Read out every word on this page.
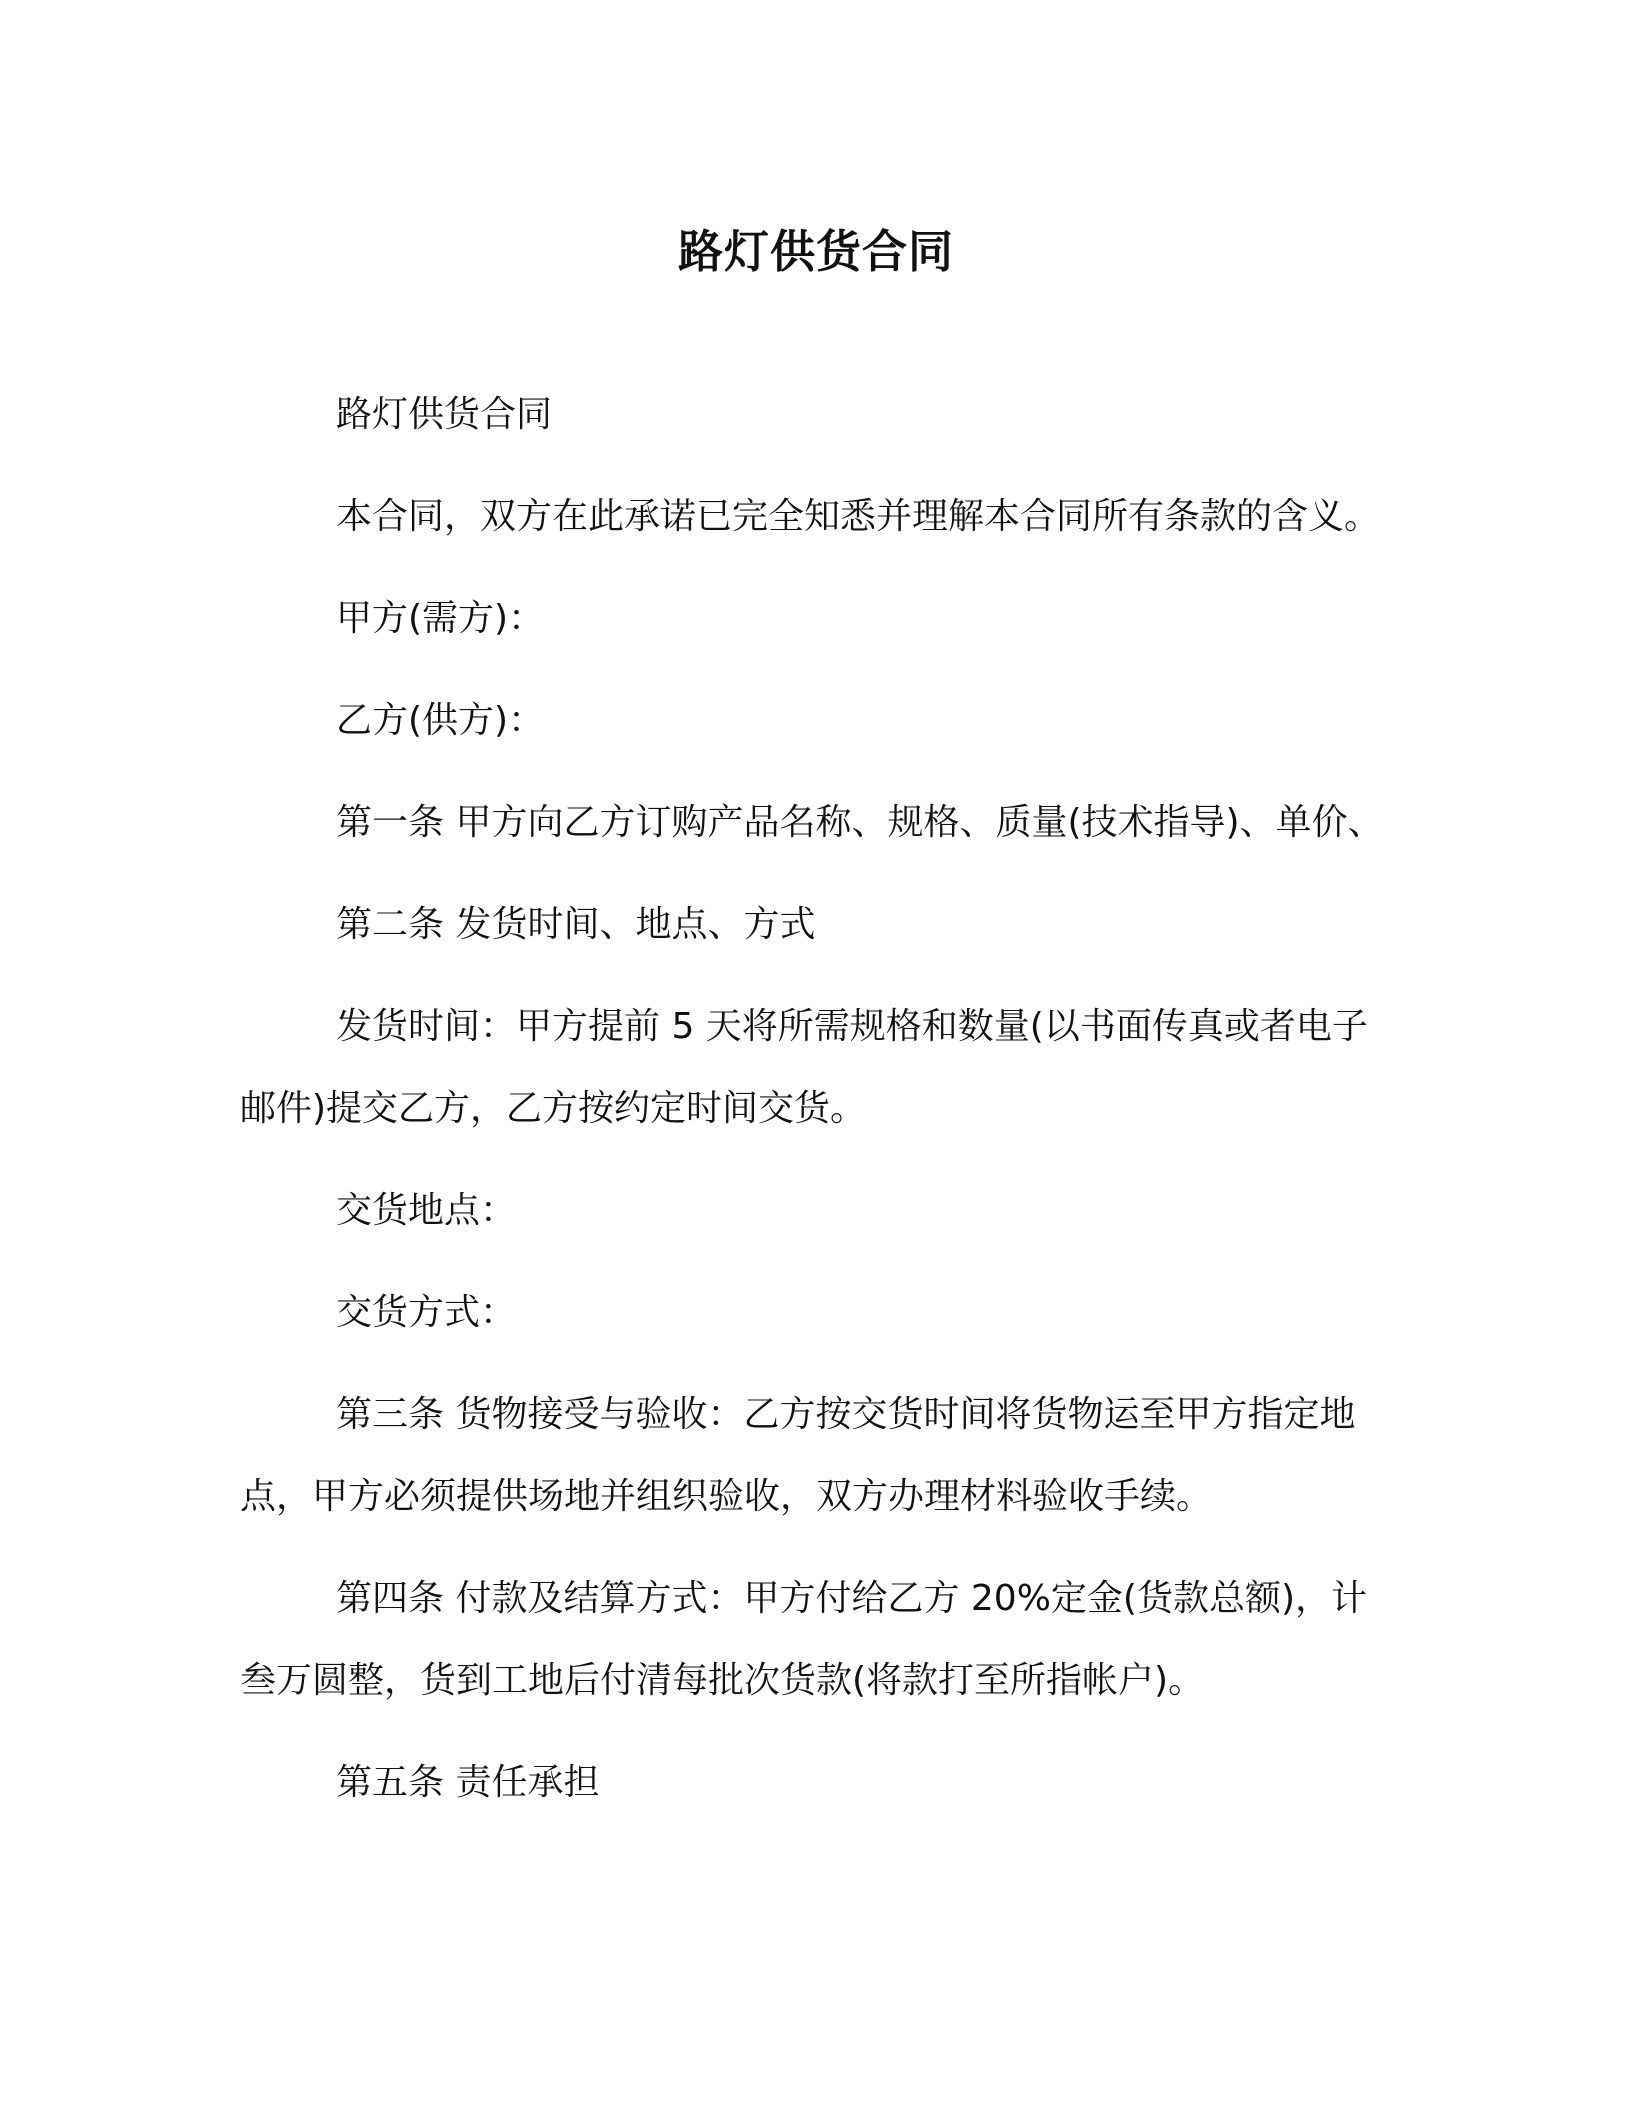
路灯供货合同

路灯供货合同

本合同，双方在此承诺已完全知悉并理解本合同所有条款的含义。

甲方(需方)：

乙方(供方)：

第一条 甲方向乙方订购产品名称、规格、质量(技术指导)、单价、

第二条 发货时间、地点、方式

发货时间：甲方提前 5 天将所需规格和数量(以书面传真或者电子邮件)提交乙方，乙方按约定时间交货。

交货地点：

交货方式：

第三条 货物接受与验收：乙方按交货时间将货物运至甲方指定地点，甲方必须提供场地并组织验收，双方办理材料验收手续。

第四条 付款及结算方式：甲方付给乙方 20%定金(货款总额)，计叁万圆整，货到工地后付清每批次货款(将款打至所指帐户)。

第五条 责任承担
